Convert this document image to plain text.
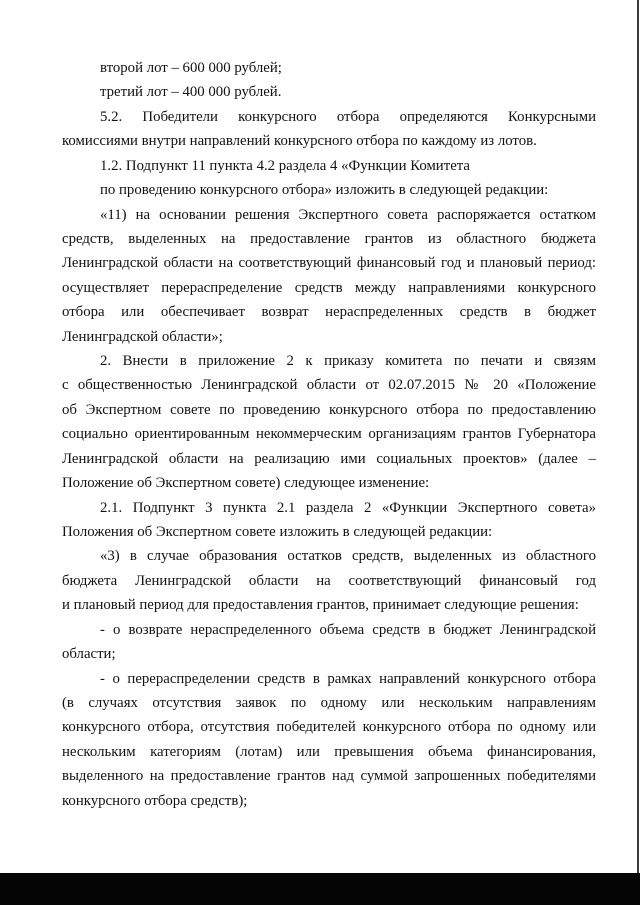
второй лот – 600 000 рублей;
третий лот – 400 000 рублей.
5.2. Победители конкурсного отбора определяются Конкурсными
комиссиями внутри направлений конкурсного отбора по каждому из лотов.
1.2. Подпункт 11 пункта 4.2 раздела 4 «Функции Комитета
по проведению конкурсного отбора» изложить в следующей редакции:
«11) на основании решения Экспертного совета распоряжается остатком
средств, выделенных на предоставление грантов из областного бюджета
Ленинградской области на соответствующий финансовый год и плановый период:
осуществляет перераспределение средств между направлениями конкурсного
отбора или обеспечивает возврат нераспределенных средств в бюджет
Ленинградской области»;
2. Внести в приложение 2 к приказу комитета по печати и связям
с общественностью Ленинградской области от 02.07.2015 № 20 «Положение
об Экспертном совете по проведению конкурсного отбора по предоставлению
социально ориентированным некоммерческим организациям грантов Губернатора
Ленинградской области на реализацию ими социальных проектов» (далее –
Положение об Экспертном совете) следующее изменение:
2.1. Подпункт 3 пункта 2.1 раздела 2 «Функции Экспертного совета»
Положения об Экспертном совете изложить в следующей редакции:
«3) в случае образования остатков средств, выделенных из областного
бюджета Ленинградской области на соответствующий финансовый год
и плановый период для предоставления грантов, принимает следующие решения:
- о возврате нераспределенного объема средств в бюджет Ленинградской
области;
- о перераспределении средств в рамках направлений конкурсного отбора
(в случаях отсутствия заявок по одному или нескольким направлениям
конкурсного отбора, отсутствия победителей конкурсного отбора по одному или
нескольким категориям (лотам) или превышения объема финансирования,
выделенного на предоставление грантов над суммой запрошенных победителями
конкурсного отбора средств);
